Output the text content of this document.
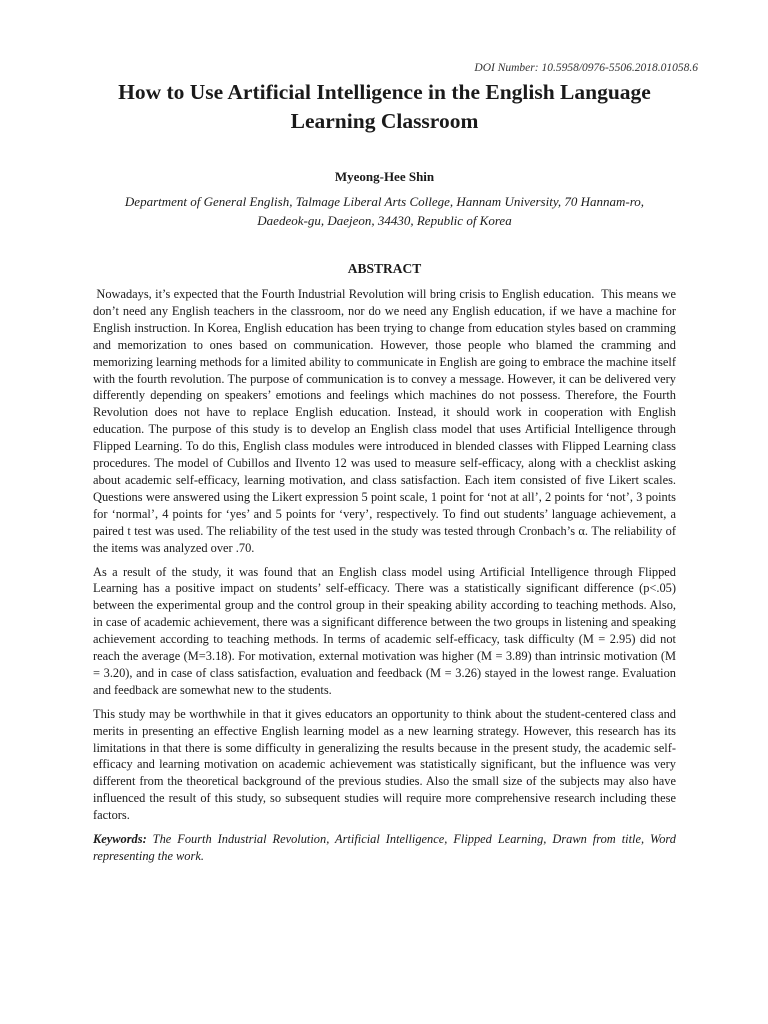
DOI Number: 10.5958/0976-5506.2018.01058.6
How to Use Artificial Intelligence in the English Language
Learning Classroom

Myeong-Hee Shin

Department of General English, Talmage Liberal Arts College, Hannam University, 70 Hannam-ro,
Daedeok-gu, Daejeon, 34430, Republic of Korea

ABSTRACT

Nowadays, it’s expected that the Fourth Industrial Revolution will bring crisis to English education.  This means we don’t need any English teachers in the classroom, nor do we need any English education, if we have a machine for English instruction. In Korea, English education has been trying to change from education styles based on cramming and memorization to ones based on communication. However, those people who blamed the cramming and memorizing learning methods for a limited ability to communicate in English are going to embrace the machine itself with the fourth revolution. The purpose of communication is to convey a message. However, it can be delivered very differently depending on speakers’ emotions and feelings which machines do not possess. Therefore, the Fourth Revolution does not have to replace English education. Instead, it should work in cooperation with English education. The purpose of this study is to develop an English class model that uses Artificial Intelligence through Flipped Learning. To do this, English class modules were introduced in blended classes with Flipped Learning class procedures. The model of Cubillos and Ilvento 12 was used to measure self-efficacy, along with a checklist asking about academic self-efficacy, learning motivation, and class satisfaction. Each item consisted of five Likert scales. Questions were answered using the Likert expression 5 point scale, 1 point for ‘not at all’, 2 points for ‘not’, 3 points for ‘normal’, 4 points for ‘yes’ and 5 points for ‘very’, respectively. To find out students’ language achievement, a paired t test was used. The reliability of the test used in the study was tested through Cronbach’s α. The reliability of the items was analyzed over .70.

As a result of the study, it was found that an English class model using Artificial Intelligence through Flipped Learning has a positive impact on students’ self-efficacy. There was a statistically significant difference (p<.05) between the experimental group and the control group in their speaking ability according to teaching methods. Also, in case of academic achievement, there was a significant difference between the two groups in listening and speaking achievement according to teaching methods. In terms of academic self-efficacy, task difficulty (M = 2.95) did not reach the average (M=3.18). For motivation, external motivation was higher (M = 3.89) than intrinsic motivation (M = 3.20), and in case of class satisfaction, evaluation and feedback (M = 3.26) stayed in the lowest range. Evaluation and feedback are somewhat new to the students.

This study may be worthwhile in that it gives educators an opportunity to think about the student-centered class and merits in presenting an effective English learning model as a new learning strategy. However, this research has its limitations in that there is some difficulty in generalizing the results because in the present study, the academic self-efficacy and learning motivation on academic achievement was statistically significant, but the influence was very different from the theoretical background of the previous studies. Also the small size of the subjects may also have influenced the result of this study, so subsequent studies will require more comprehensive research including these factors.

Keywords: The Fourth Industrial Revolution, Artificial Intelligence, Flipped Learning, Drawn from title, Word representing the work.
